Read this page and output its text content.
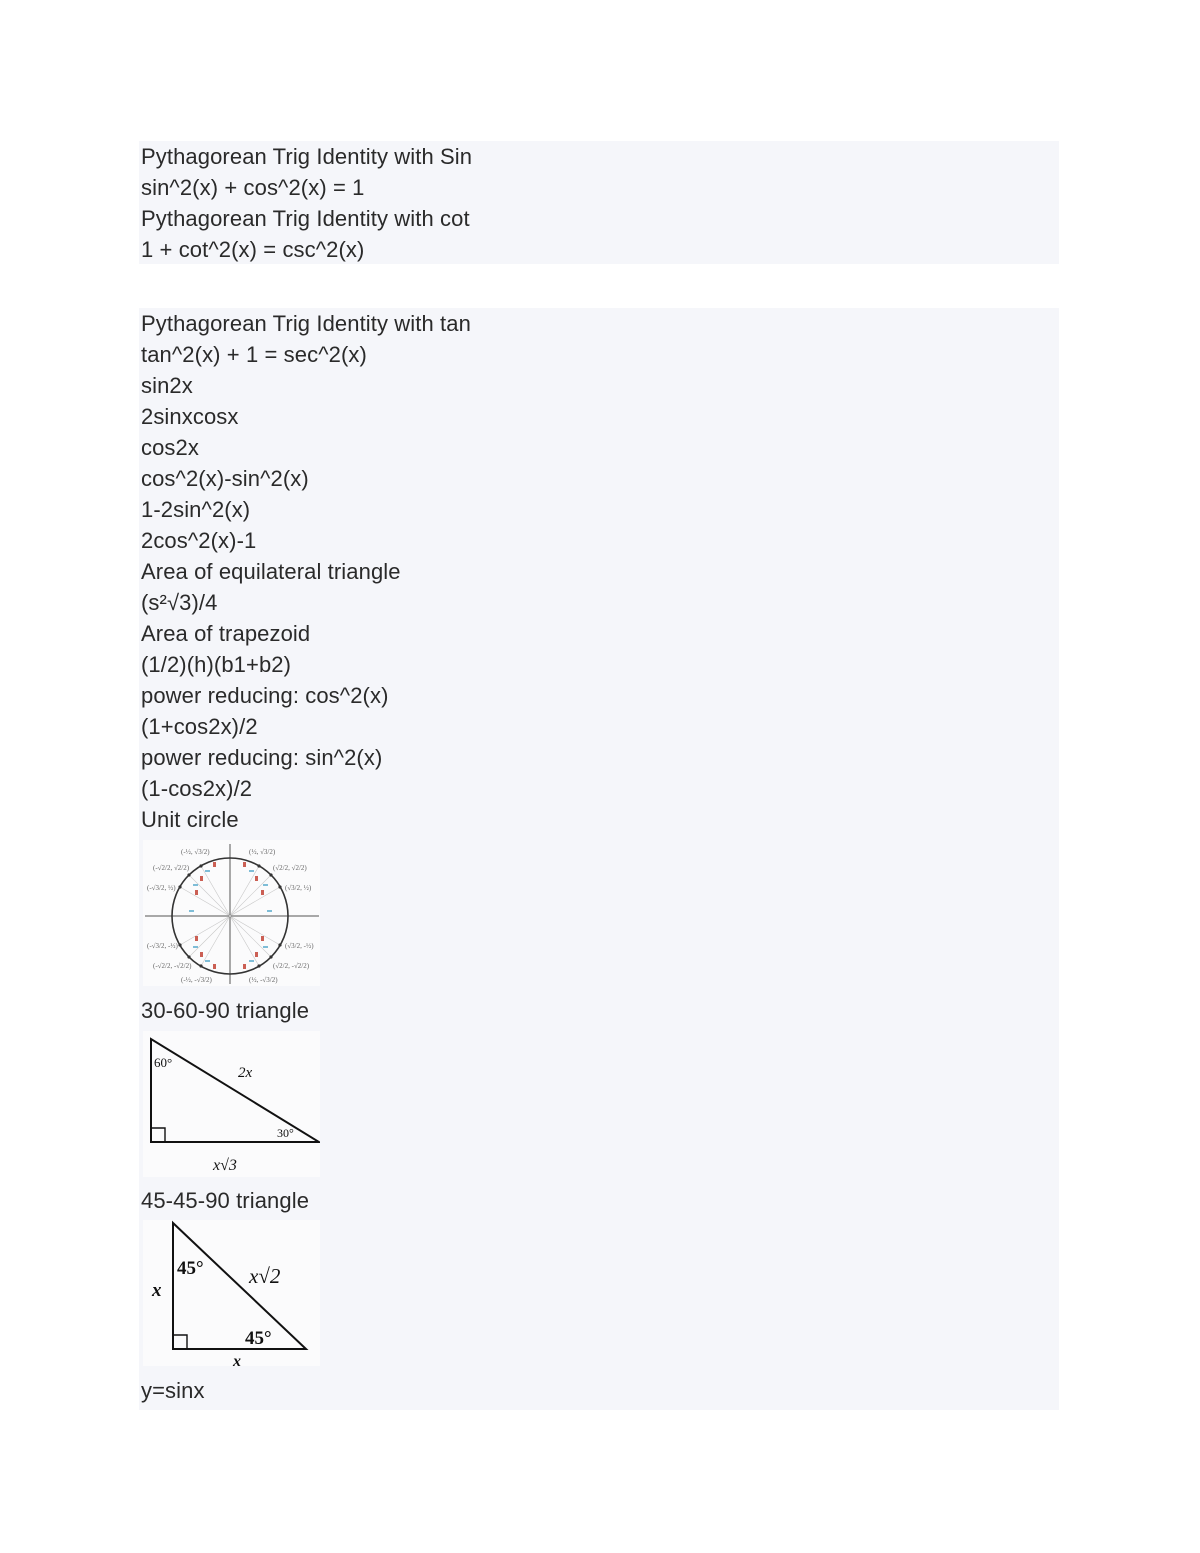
Pythagorean Trig Identity with Sin
sin^2(x) + cos^2(x) = 1
Pythagorean Trig Identity with cot
1 + cot^2(x) = csc^2(x)
Pythagorean Trig Identity with tan
tan^2(x) + 1 = sec^2(x)
sin2x
2sinxcosx
cos2x
cos^2(x)-sin^2(x)
1-2sin^2(x)
2cos^2(x)-1
Area of equilateral triangle
(s²√3)/4
Area of trapezoid
(1/2)(h)(b1+b2)
power reducing: cos^2(x)
(1+cos2x)/2
power reducing: sin^2(x)
(1-cos2x)/2
Unit circle
(-½, √3/2)	(½, √3/2)
(-√2/2, √2/2)	(√2/2, √2/2)
(-√3/2, ½)	(√3/2, ½)
(-√3/2, -½)	(√3/2, -½)
(-√2/2, -√2/2)	(√2/2, -√2/2)
(-½, -√3/2)	(½, -√3/2)
30-60-90 triangle
60°
2x
30°
x√3
45-45-90 triangle
45° x√2
45°
x
x
y=sinx
